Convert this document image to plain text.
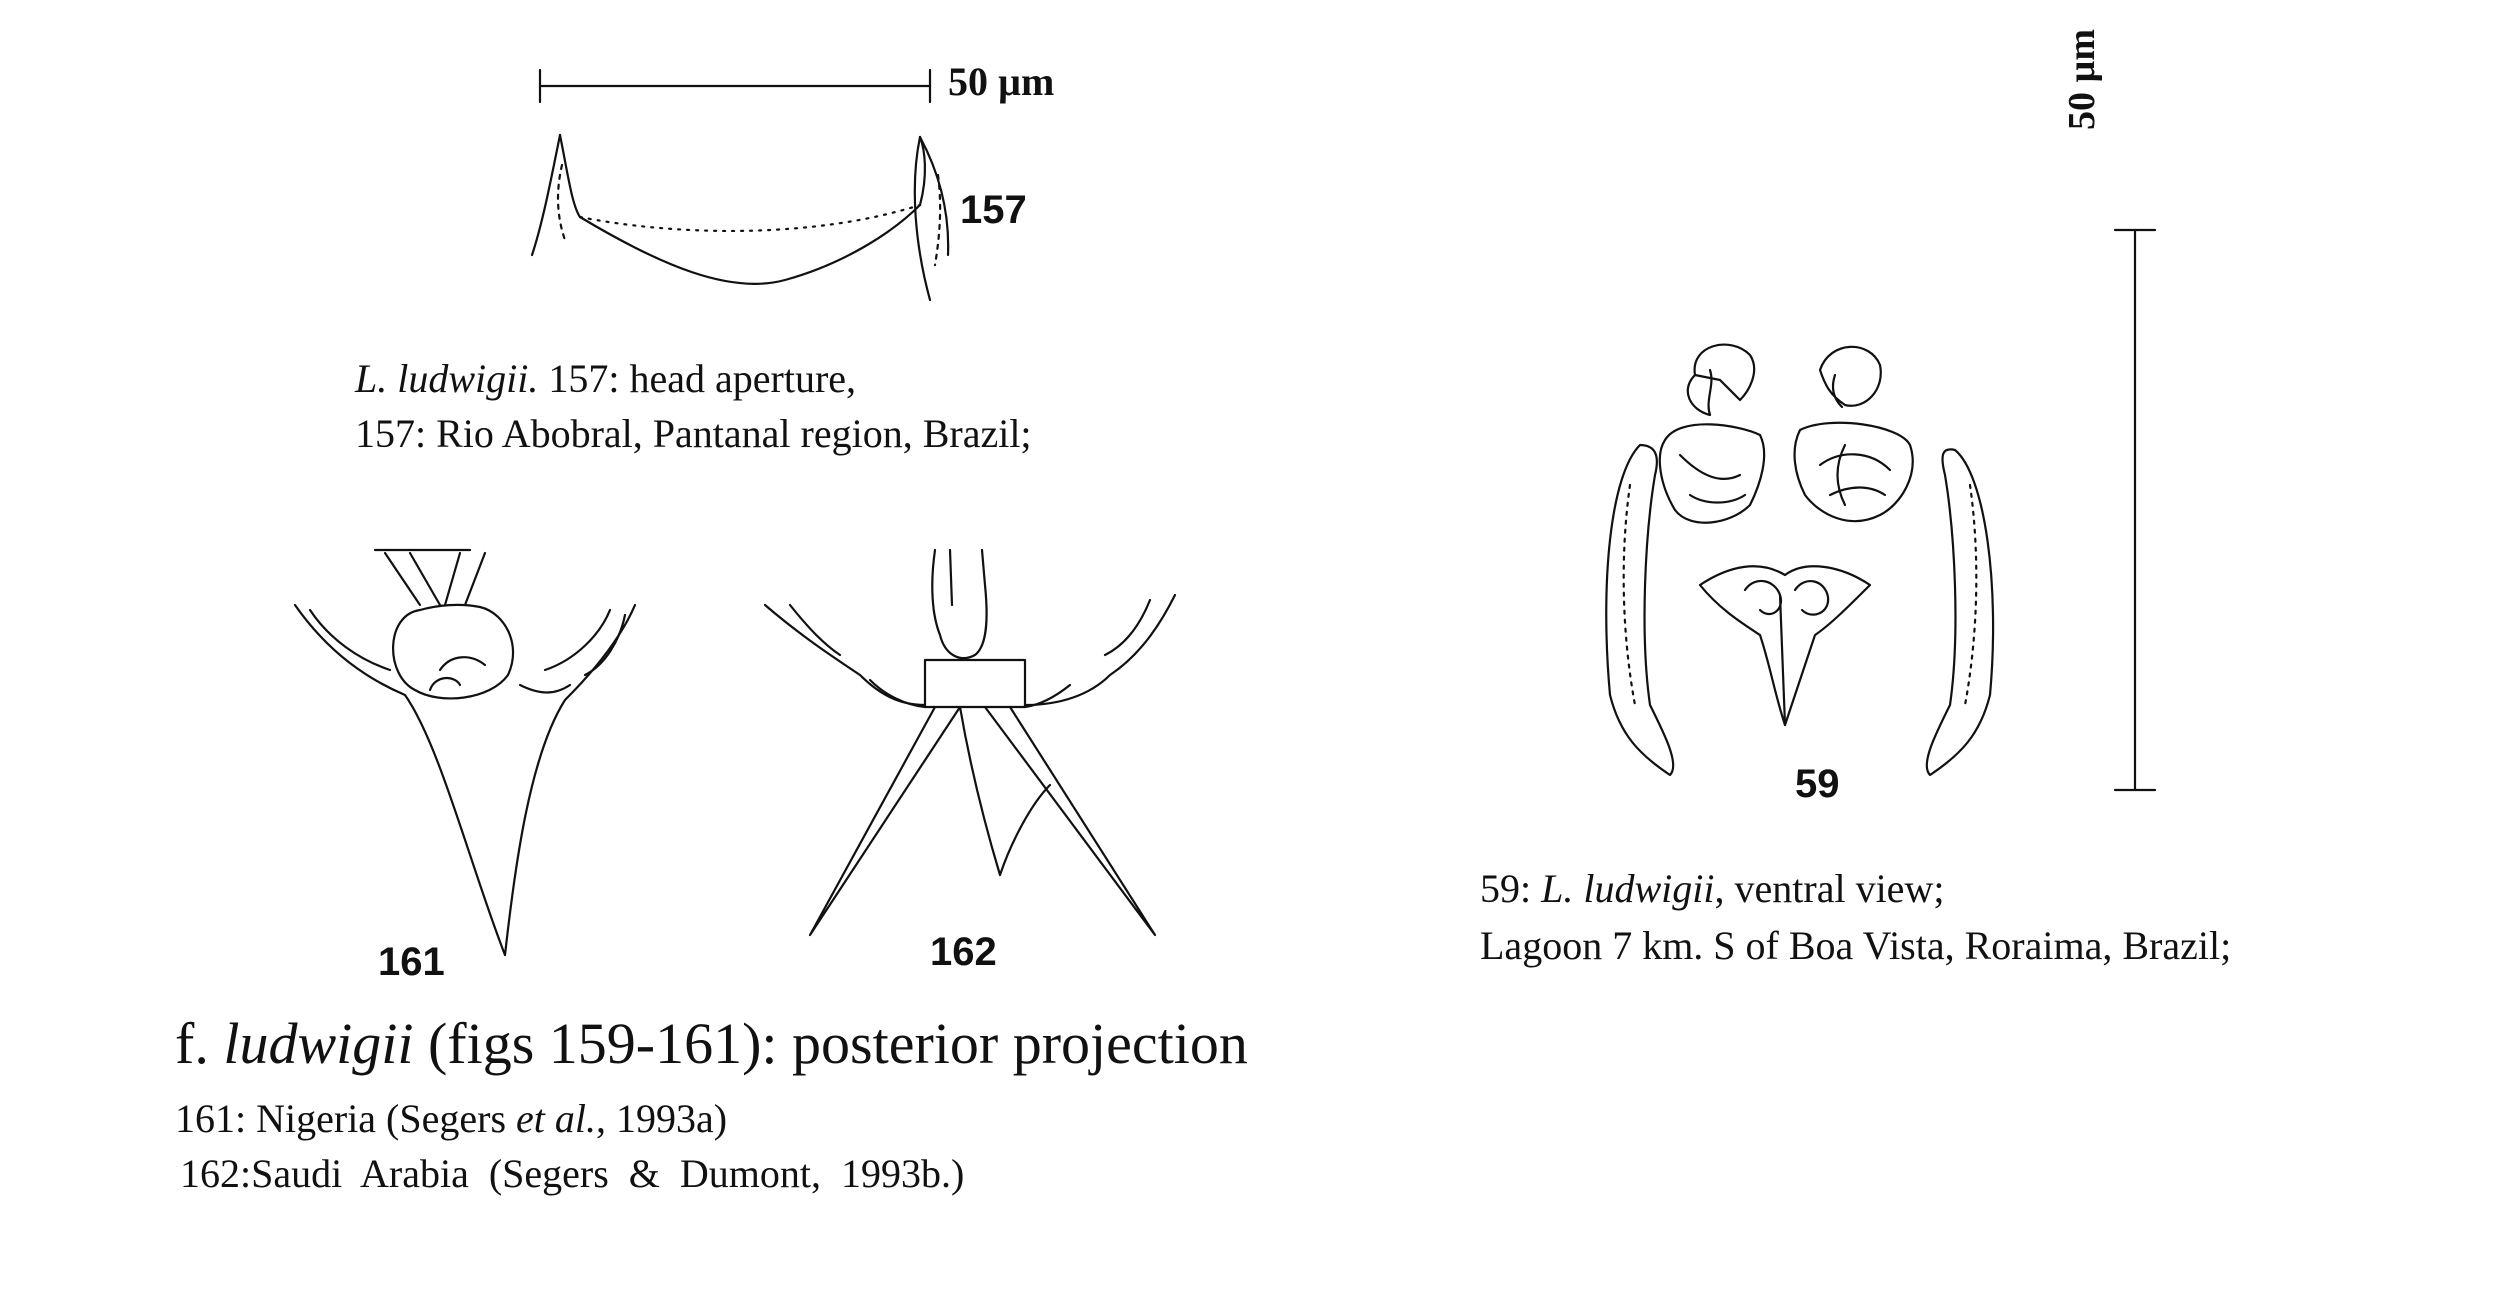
50 µm
157
L. ludwigii. 157: head aperture,
157: Rio Abobral, Pantanal region, Brazil;
161	162
f. ludwigii (figs 159-161): posterior projection
161: Nigeria (Segers et al., 1993a)
162:Saudi  Arabia  (Segers  &  Dumont,  1993b.)
50 µm
59
59: L. ludwigii, ventral view;
Lagoon 7 km. S of Boa Vista, Roraima, Brazil;
